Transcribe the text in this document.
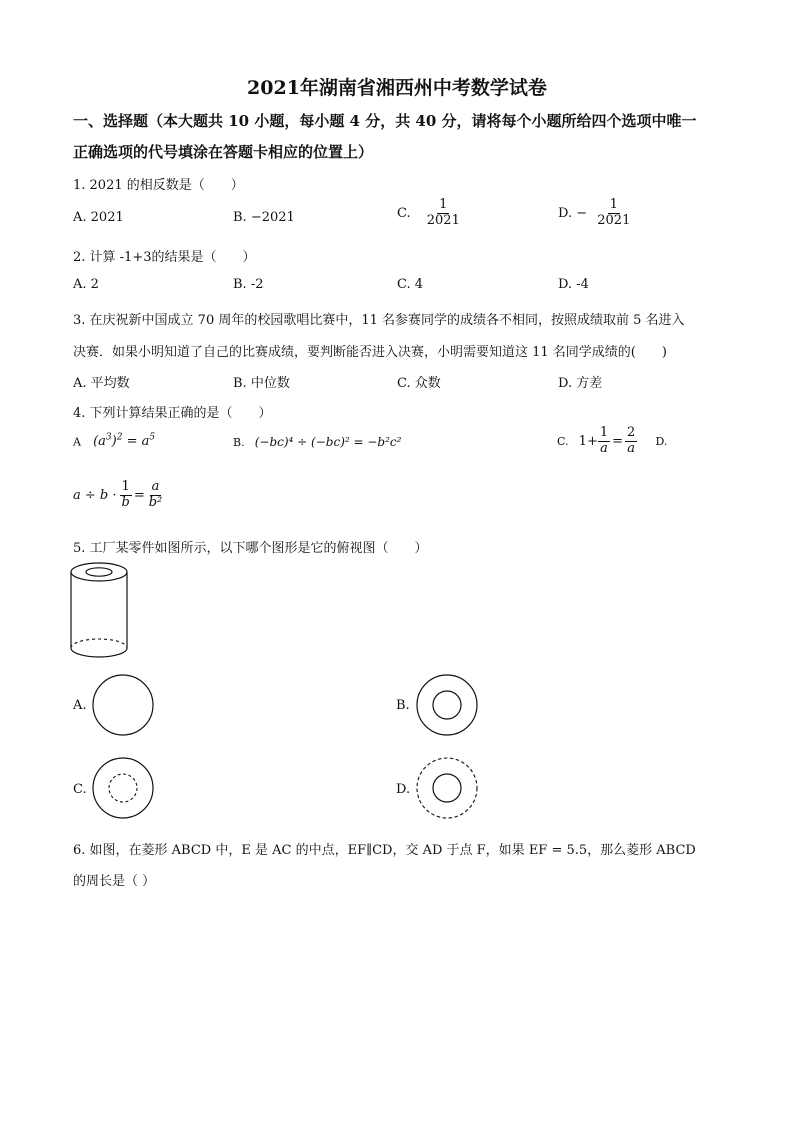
2021年湖南省湘西州中考数学试卷
一、选择题（本大题共 10 小题，每小题 4 分，共 40 分，请将每个小题所给四个选项中唯一
正确选项的代号填涂在答题卡相应的位置上）
1. 2021 的相反数是（　　）
A. 2021	B. −2021	C. $\frac{1}{2021}$	D. − $\frac{1}{2021}$
2. 计算 -1+3的结果是（　　）
A. 2	B. -2	C. 4	D. -4
3. 在庆祝新中国成立 70 周年的校园歌唱比赛中，11 名参赛同学的成绩各不相同，按照成绩取前 5 名进入
决赛．如果小明知道了自己的比赛成绩，要判断能否进入决赛，小明需要知道这 11 名同学成绩的(　　)
A. 平均数	B. 中位数	C. 众数	D. 方差
4. 下列计算结果正确的是（　　）
A $(a^3)^2 = a^5$	B. (−bc)⁴ ÷ (−bc)² = −b²c²	C. $1+ \frac{1}{a} = \frac{2}{a} D$.
$a \div b \cdot \frac{1}{b} = \frac{a}{\text{b²}}$
5. 工厂某零件如图所示，以下哪个图形是它的俯视图（　　）
A.	B.
C.	D.
6. 如图，在菱形 ABCD 中，E 是 AC 的中点，EF∥CD，交 AD 于点 F，如果 EF = 5.5，那么菱形 ABCD
的周长是（ ）
